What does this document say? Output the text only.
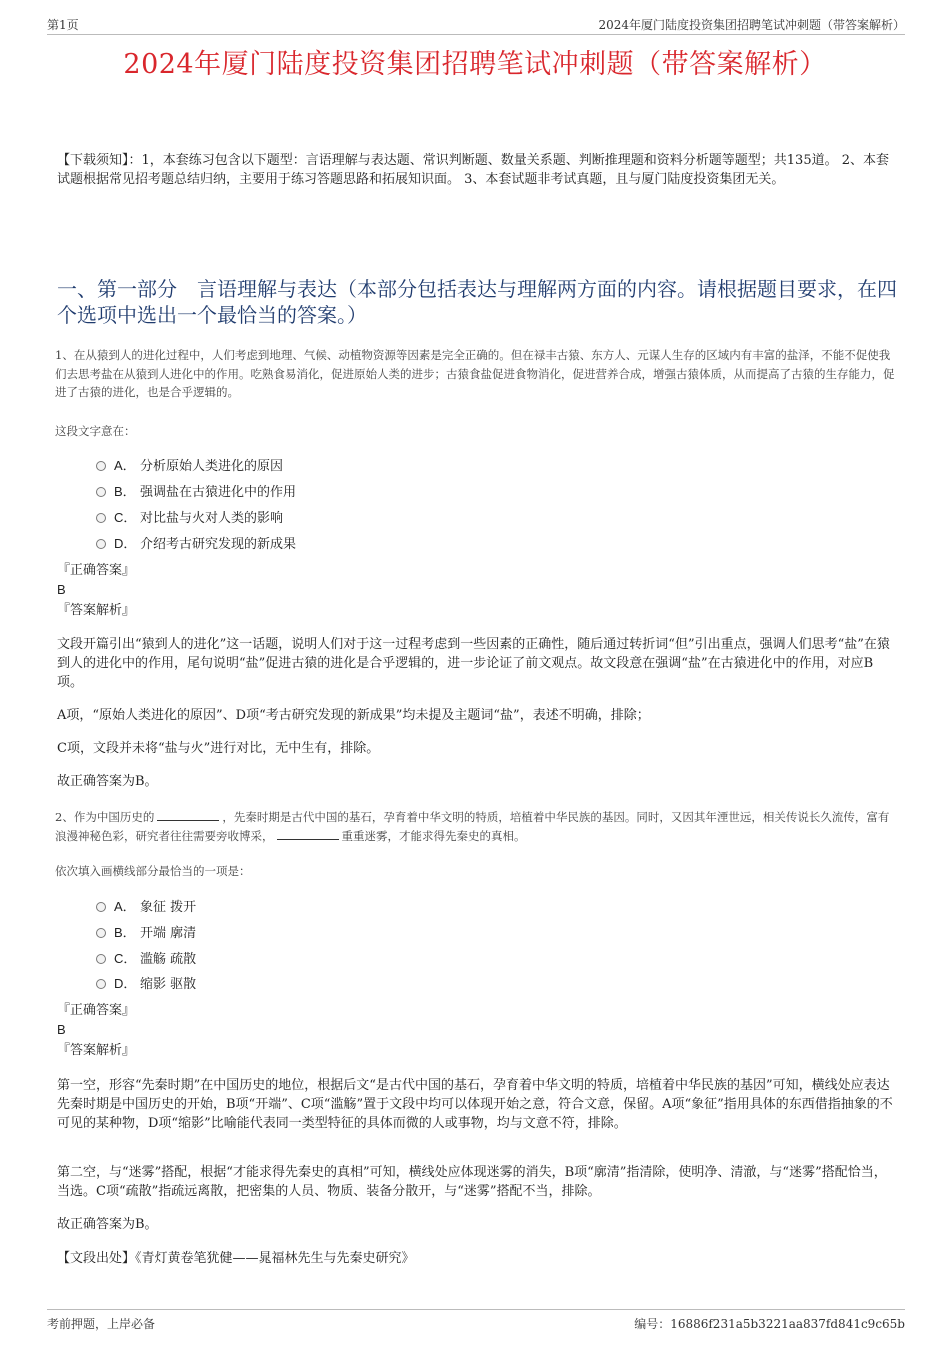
第1页	2024年厦门陆度投资集团招聘笔试冲刺题（带答案解析）
2024年厦门陆度投资集团招聘笔试冲刺题（带答案解析）
【下载须知】：1，本套练习包含以下题型：言语理解与表达题、常识判断题、数量关系题、判断推理题和资料分析题等题型；共135道。 2、本套试题根据常见招考题总结归纳，主要用于练习答题思路和拓展知识面。 3、本套试题非考试真题，且与厦门陆度投资集团无关。
一、第一部分　言语理解与表达（本部分包括表达与理解两方面的内容。请根据题目要求，在四个选项中选出一个最恰当的答案。）
1、在从猿到人的进化过程中，人们考虑到地理、气候、动植物资源等因素是完全正确的。但在禄丰古猿、东方人、元谋人生存的区域内有丰富的盐泽，不能不促使我们去思考盐在从猿到人进化中的作用。吃熟食易消化，促进原始人类的进步；古猿食盐促进食物消化，促进营养合成，增强古猿体质，从而提高了古猿的生存能力，促进了古猿的进化，也是合乎逻辑的。
这段文字意在：
A． 分析原始人类进化的原因
B． 强调盐在古猿进化中的作用
C． 对比盐与火对人类的影响
D． 介绍考古研究发现的新成果
『正确答案』
B
『答案解析』
文段开篇引出“猿到人的进化”这一话题，说明人们对于这一过程考虑到一些因素的正确性，随后通过转折词“但”引出重点，强调人们思考“盐”在猿到人的进化中的作用，尾句说明“盐”促进古猿的进化是合乎逻辑的，进一步论证了前文观点。故文段意在强调“盐”在古猿进化中的作用，对应B项。
A项，“原始人类进化的原因”、D项“考古研究发现的新成果”均未提及主题词“盐”，表述不明确，排除；
C项，文段并未将“盐与火”进行对比，无中生有，排除。
故正确答案为B。
2、作为中国历史的	，先秦时期是古代中国的基石，孕育着中华文明的特质，培植着中华民族的基因。同时，又因其年湮世远，相关传说长久流传，富有浪漫神秘色彩，研究者往往需要旁收博采，	重重迷雾，才能求得先秦史的真相。
依次填入画横线部分最恰当的一项是：
A． 象征 拨开
B． 开端 廓清
C． 滥觞 疏散
D． 缩影 驱散
『正确答案』
B
『答案解析』
第一空，形容“先秦时期”在中国历史的地位，根据后文“是古代中国的基石，孕育着中华文明的特质，培植着中华民族的基因”可知，横线处应表达先秦时期是中国历史的开始，B项“开端”、C项“滥觞”置于文段中均可以体现开始之意，符合文意，保留。A项“象征”指用具体的东西借指抽象的不可见的某种物，D项“缩影”比喻能代表同一类型特征的具体而微的人或事物，均与文意不符，排除。
第二空，与“迷雾”搭配，根据“才能求得先秦史的真相”可知，横线处应体现迷雾的消失，B项“廓清”指清除，使明净、清澈，与“迷雾”搭配恰当，当选。C项“疏散”指疏远离散，把密集的人员、物质、装备分散开，与“迷雾”搭配不当，排除。
故正确答案为B。
【文段出处】《青灯黄卷笔犹健——晁福林先生与先秦史研究》
考前押题，上岸必备	编号：16886f231a5b3221aa837fd841c9c65b
